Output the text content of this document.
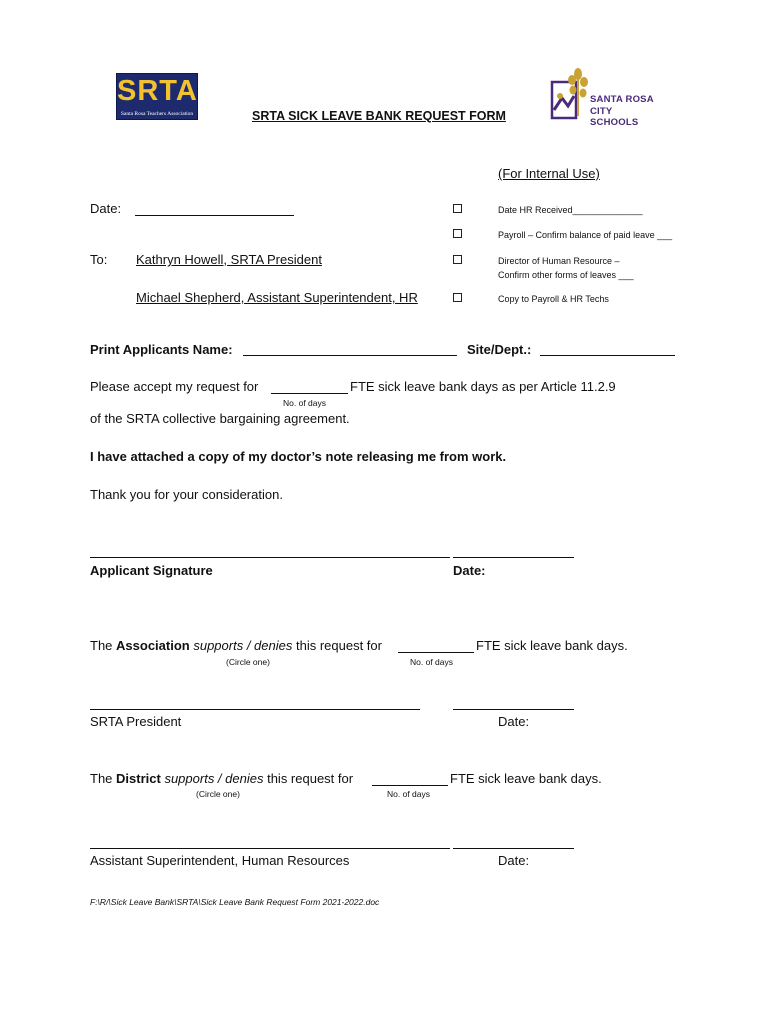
SRTA
Santa Rosa Teachers Association
SANTA ROSA
CITY SCHOOLS
SRTA SICK LEAVE BANK REQUEST FORM
(For Internal Use)
Date HR Received______________
Payroll – Confirm balance of paid leave ___
Director of Human Resource –
Confirm other forms of leaves ___
Copy to Payroll & HR Techs
Date:
To: Kathryn Howell, SRTA President
Michael Shepherd, Assistant Superintendent, HR
Print Applicants Name:	Site/Dept.:
Please accept my request for	FTE sick leave bank days as per Article 11.2.9
No. of days
of the SRTA collective bargaining agreement.
I have attached a copy of my doctor’s note releasing me from work.
Thank you for your consideration.
Applicant Signature	Date:
The Association supports / denies this request for	FTE sick leave bank days.
(Circle one)	No. of days
SRTA President	Date:
The District supports / denies this request for	FTE sick leave bank days.
(Circle one)	No. of days
Assistant Superintendent, Human Resources	Date:
F:\R/\Sick Leave Bank\SRTA\Sick Leave Bank Request Form 2021-2022.doc
